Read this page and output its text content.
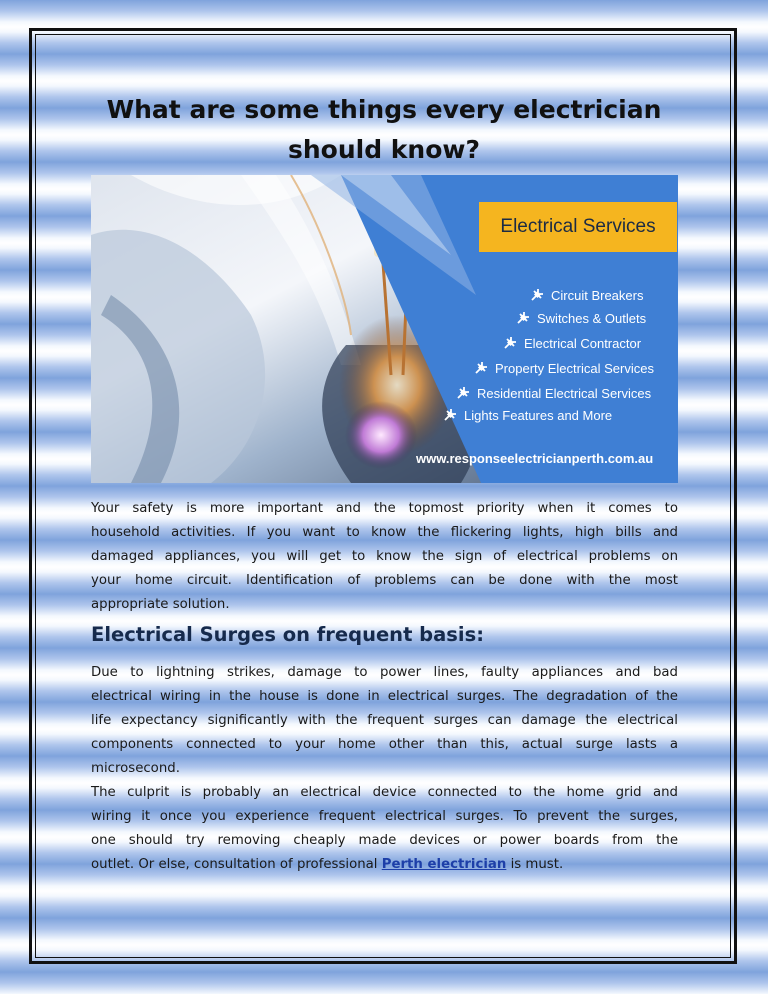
What are some things every electrician
should know?
Electrical Services
Circuit Breakers
Switches & Outlets
Electrical Contractor
Property Electrical Services
Residential Electrical Services
Lights Features and More
www.responseelectricianperth.com.au

Your safety is more important and the topmost priority when it comes to
household activities. If you want to know the flickering lights, high bills and
damaged appliances, you will get to know the sign of electrical problems on
your home circuit. Identification of problems can be done with the most
appropriate solution.

Electrical Surges on frequent basis:

Due to lightning strikes, damage to power lines, faulty appliances and bad
electrical wiring in the house is done in electrical surges. The degradation of the
life expectancy significantly with the frequent surges can damage the electrical
components connected to your home other than this, actual surge lasts a
microsecond.

The culprit is probably an electrical device connected to the home grid and
wiring it once you experience frequent electrical surges. To prevent the surges,
one should try removing cheaply made devices or power boards from the
outlet. Or else, consultation of professional Perth electrician is must.
